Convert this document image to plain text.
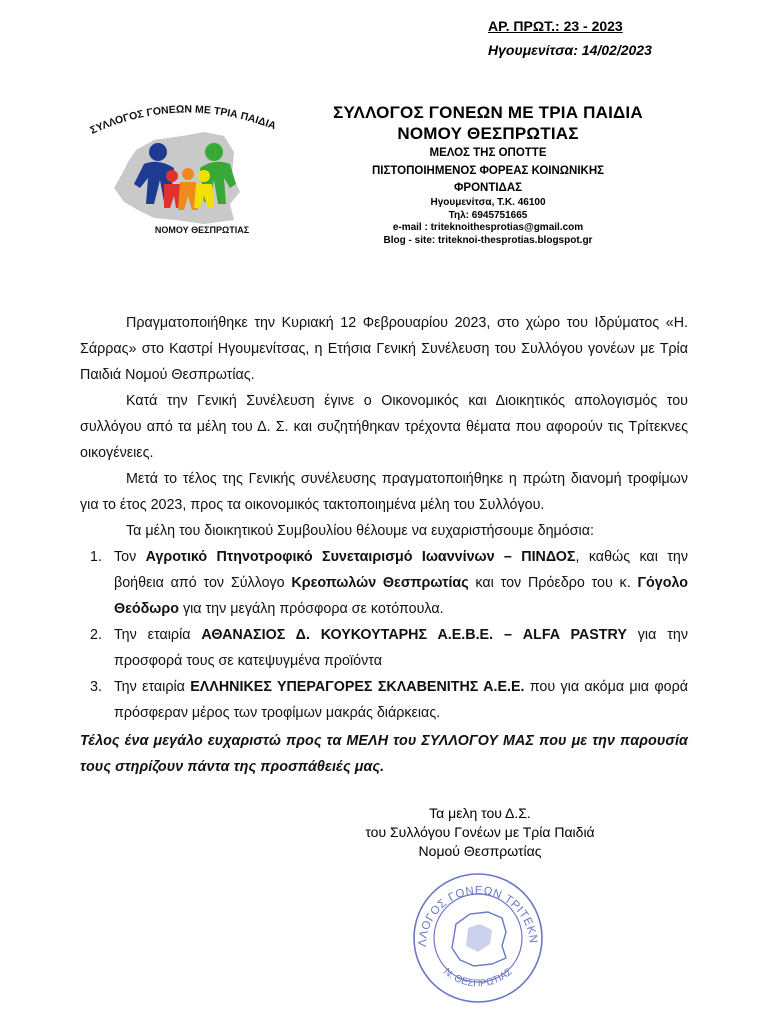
ΑΡ. ΠΡΩΤ.: 23 - 2023
Ηγουμενίτσα: 14/02/2023
ΣΥΛΛΟΓΟΣ ΓΟΝΕΩΝ ΜΕ ΤΡΙΑ ΠΑΙΔΙΑ
ΝΟΜΟΥ ΘΕΣΠΡΩΤΙΑΣ
ΣΥΛΛΟΓΟΣ ΓΟΝΕΩΝ ΜΕ ΤΡΙΑ ΠΑΙΔΙΑ
ΝΟΜΟΥ ΘΕΣΠΡΩΤΙΑΣ
ΜΕΛΟΣ ΤΗΣ ΟΠΟΤΤΕ
ΠΙΣΤΟΠΟΙΗΜΕΝΟΣ ΦΟΡΕΑΣ ΚΟΙΝΩΝΙΚΗΣ
ΦΡΟΝΤΙΔΑΣ
Ηγουμενίτσα, Τ.Κ. 46100
Τηλ: 6945751665
e-mail : triteknoithesprotias@gmail.com
Blog - site: triteknoi-thesprotias.blogspot.gr

Πραγματοποιήθηκε την Κυριακή 12 Φεβρουαρίου 2023, στο χώρο του Ιδρύματος «Η. Σάρρας» στο Καστρί Ηγουμενίτσας, η Ετήσια Γενική Συνέλευση του Συλλόγου γονέων με Τρία Παιδιά Νομού Θεσπρωτίας.

Κατά την Γενική Συνέλευση έγινε ο Οικονομικός και Διοικητικός απολογισμός του συλλόγου από τα μέλη του Δ. Σ. και συζητήθηκαν τρέχοντα θέματα που αφορούν τις Τρίτεκνες οικογένειες.

Μετά το τέλος της Γενικής συνέλευσης πραγματοποιήθηκε η πρώτη διανομή τροφίμων για το έτος 2023, προς τα οικονομικός τακτοποιημένα μέλη του Συλλόγου.

Τα μέλη του διοικητικού Συμβουλίου θέλουμε να ευχαριστήσουμε δημόσια:

1. Τον Αγροτικό Πτηνοτροφικό Συνεταιρισμό Ιωαννίνων – ΠΙΝΔΟΣ, καθώς και την βοήθεια από τον Σύλλογο Κρεοπωλών Θεσπρωτίας και τον Πρόεδρο του κ. Γόγολο Θεόδωρο για την μεγάλη πρόσφορα σε κοτόπουλα.
2. Την εταιρία ΑΘΑΝΑΣΙΟΣ Δ. ΚΟΥΚΟΥΤΑΡΗΣ Α.Ε.Β.Ε. – ALFA PASTRY για την προσφορά τους σε κατεψυγμένα προϊόντα
3. Την εταιρία ΕΛΛΗΝΙΚΕΣ ΥΠΕΡΑΓΟΡΕΣ ΣΚΛΑΒΕΝΙΤΗΣ Α.Ε.Ε. που για ακόμα μια φορά πρόσφεραν μέρος των τροφίμων μακράς διάρκειας.
Τέλος ένα μεγάλο ευχαριστώ προς τα ΜΕΛΗ του ΣΥΛΛΟΓΟΥ ΜΑΣ που με την παρουσία τους στηρίζουν πάντα της προσπάθειές μας.
Τα μελη του Δ.Σ.
του Συλλόγου Γονέων με Τρία Παιδιά
Νομού Θεσπρωτίας
ΛΛΟΓΟΣ ΓΟΝΕΩΝ ΤΡΙΤΕΚΝ
Ν. ΘΕΣΠΡΩΤΙΑΣ
